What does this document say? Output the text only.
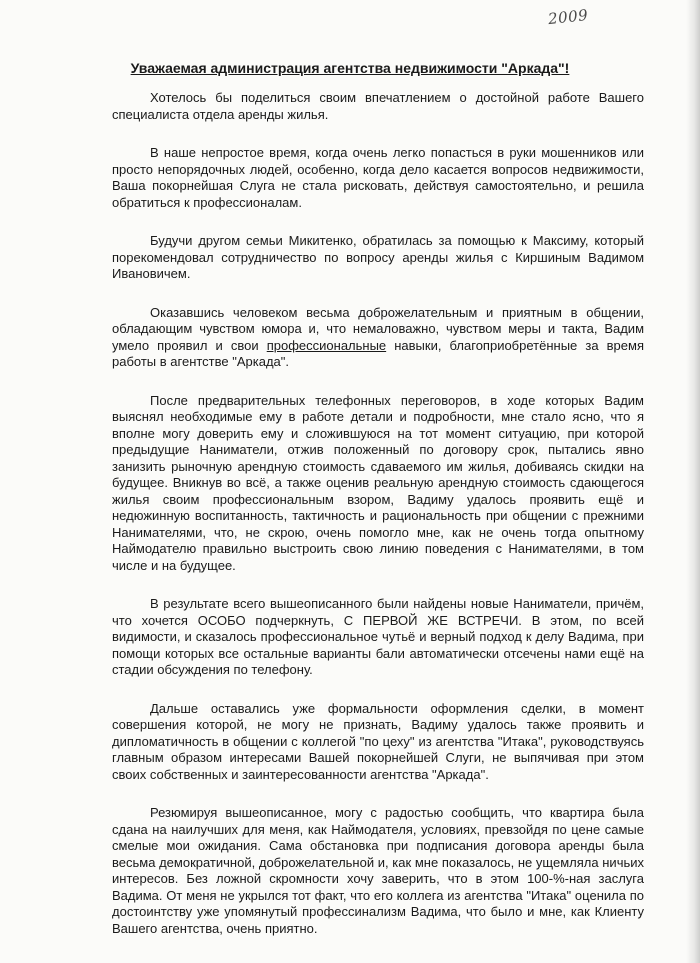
2009
Уважаемая администрация агентства недвижимости "Аркада"!

Хотелось бы поделиться своим впечатлением о достойной работе Вашего специалиста отдела аренды жилья.

В наше непростое время, когда очень легко попасться в руки мошенников или просто непорядочных людей, особенно, когда дело касается вопросов недвижимости, Ваша покорнейшая Слуга не стала рисковать, действуя самостоятельно, и решила обратиться к профессионалам.

Будучи другом семьи Микитенко, обратилась за помощью к Максиму, который порекомендовал сотрудничество по вопросу аренды жилья с Киршиным Вадимом Ивановичем.

Оказавшись человеком весьма доброжелательным и приятным в общении, обладающим чувством юмора и, что немаловажно, чувством меры и такта, Вадим умело проявил и свои профессиональные навыки, благоприобретённые за время работы в агентстве "Аркада".

После предварительных телефонных переговоров, в ходе которых Вадим выяснял необходимые ему в работе детали и подробности, мне стало ясно, что я вполне могу доверить ему и сложившуюся на тот момент ситуацию, при которой предыдущие Наниматели, отжив положенный по договору срок, пытались явно занизить рыночную арендную стоимость сдаваемого им жилья, добиваясь скидки на будущее. Вникнув во всё, а также оценив реальную арендную стоимость сдающегося жилья своим профессиональным взором, Вадиму удалось проявить ещё и недюжинную воспитанность, тактичность и рациональность при общении с прежними Нанимателями, что, не скрою, очень помогло мне, как не очень тогда опытному Наймодателю правильно выстроить свою линию поведения с Нанимателями, в том числе и на будущее.

В результате всего вышеописанного были найдены новые Наниматели, причём, что хочется ОСОБО подчеркнуть, С ПЕРВОЙ ЖЕ ВСТРЕЧИ. В этом, по всей видимости, и сказалось профессиональное чутьё и верный подход к делу Вадима, при помощи которых все остальные варианты бали автоматически отсечены нами ещё на стадии обсуждения по телефону.

Дальше оставались уже формальности оформления сделки, в момент совершения которой, не могу не признать, Вадиму удалось также проявить и дипломатичность в общении с коллегой "по цеху" из агентства "Итака", руководствуясь главным образом интересами Вашей покорнейшей Слуги, не выпячивая при этом своих собственных и заинтересованности агентства "Аркада".

Резюмируя вышеописанное, могу с радостью сообщить, что квартира была сдана на наилучших для меня, как Наймодателя, условиях, превзойдя по цене самые смелые мои ожидания. Сама обстановка при подписания договора аренды была весьма демократичной, доброжелательной и, как мне показалось, не ущемляла ничьих интересов. Без ложной скромности хочу заверить, что в этом 100-%-ная заслуга Вадима. От меня не укрылся тот факт, что его коллега из агентства "Итака" оценила по достоинтству уже упомянутый профессинализм Вадима, что было и мне, как Клиенту Вашего агентства, очень приятно.
